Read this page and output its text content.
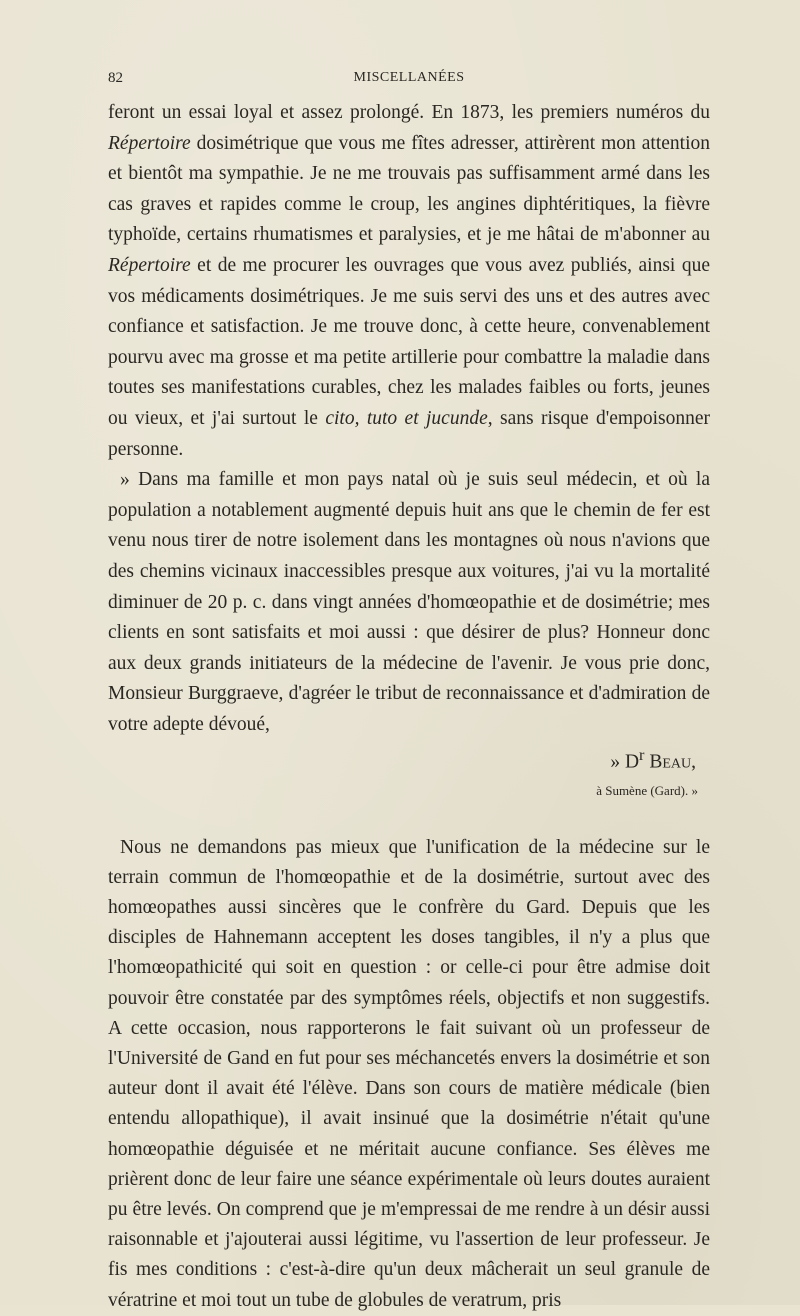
82	MISCELLANÉES

feront un essai loyal et assez prolongé. En 1873, les premiers numéros du Répertoire dosimétrique que vous me fîtes adresser, attirèrent mon attention et bientôt ma sympathie. Je ne me trouvais pas suffisamment armé dans les cas graves et rapides comme le croup, les angines diphtéritiques, la fièvre typhoïde, certains rhumatismes et paralysies, et je me hâtai de m'abonner au Répertoire et de me procurer les ouvrages que vous avez publiés, ainsi que vos médicaments dosimétriques. Je me suis servi des uns et des autres avec confiance et satisfaction. Je me trouve donc, à cette heure, convenablement pourvu avec ma grosse et ma petite artillerie pour combattre la maladie dans toutes ses manifestations curables, chez les malades faibles ou forts, jeunes ou vieux, et j'ai surtout le cito, tuto et jucunde, sans risque d'empoisonner personne.

» Dans ma famille et mon pays natal où je suis seul médecin, et où la population a notablement augmenté depuis huit ans que le chemin de fer est venu nous tirer de notre isolement dans les montagnes où nous n'avions que des chemins vicinaux inaccessibles presque aux voitures, j'ai vu la mortalité diminuer de 20 p. c. dans vingt années d'homœopathie et de dosimétrie; mes clients en sont satisfaits et moi aussi : que désirer de plus? Honneur donc aux deux grands initiateurs de la médecine de l'avenir. Je vous prie donc, Monsieur Burggraeve, d'agréer le tribut de reconnaissance et d'admiration de votre adepte dévoué,

» $D^r$ Beau,

à Sumène (Gard). »

Nous ne demandons pas mieux que l'unification de la médecine sur le terrain commun de l'homœopathie et de la dosimétrie, surtout avec des homœopathes aussi sincères que le confrère du Gard. Depuis que les disciples de Hahnemann acceptent les doses tangibles, il n'y a plus que l'homœopathicité qui soit en question : or celle-ci pour être admise doit pouvoir être constatée par des symptômes réels, objectifs et non suggestifs. A cette occasion, nous rapporterons le fait suivant où un professeur de l'Université de Gand en fut pour ses méchancetés envers la dosimétrie et son auteur dont il avait été l'élève. Dans son cours de matière médicale (bien entendu allopathique), il avait insinué que la dosimétrie n'était qu'une homœopathie déguisée et ne méritait aucune confiance. Ses élèves me prièrent donc de leur faire une séance expérimentale où leurs doutes auraient pu être levés. On comprend que je m'empressai de me rendre à un désir aussi raisonnable et j'ajouterai aussi légitime, vu l'assertion de leur professeur. Je fis mes conditions : c'est-à-dire qu'un deux mâcherait un seul granule de vératrine et moi tout un tube de globules de veratrum, pris
